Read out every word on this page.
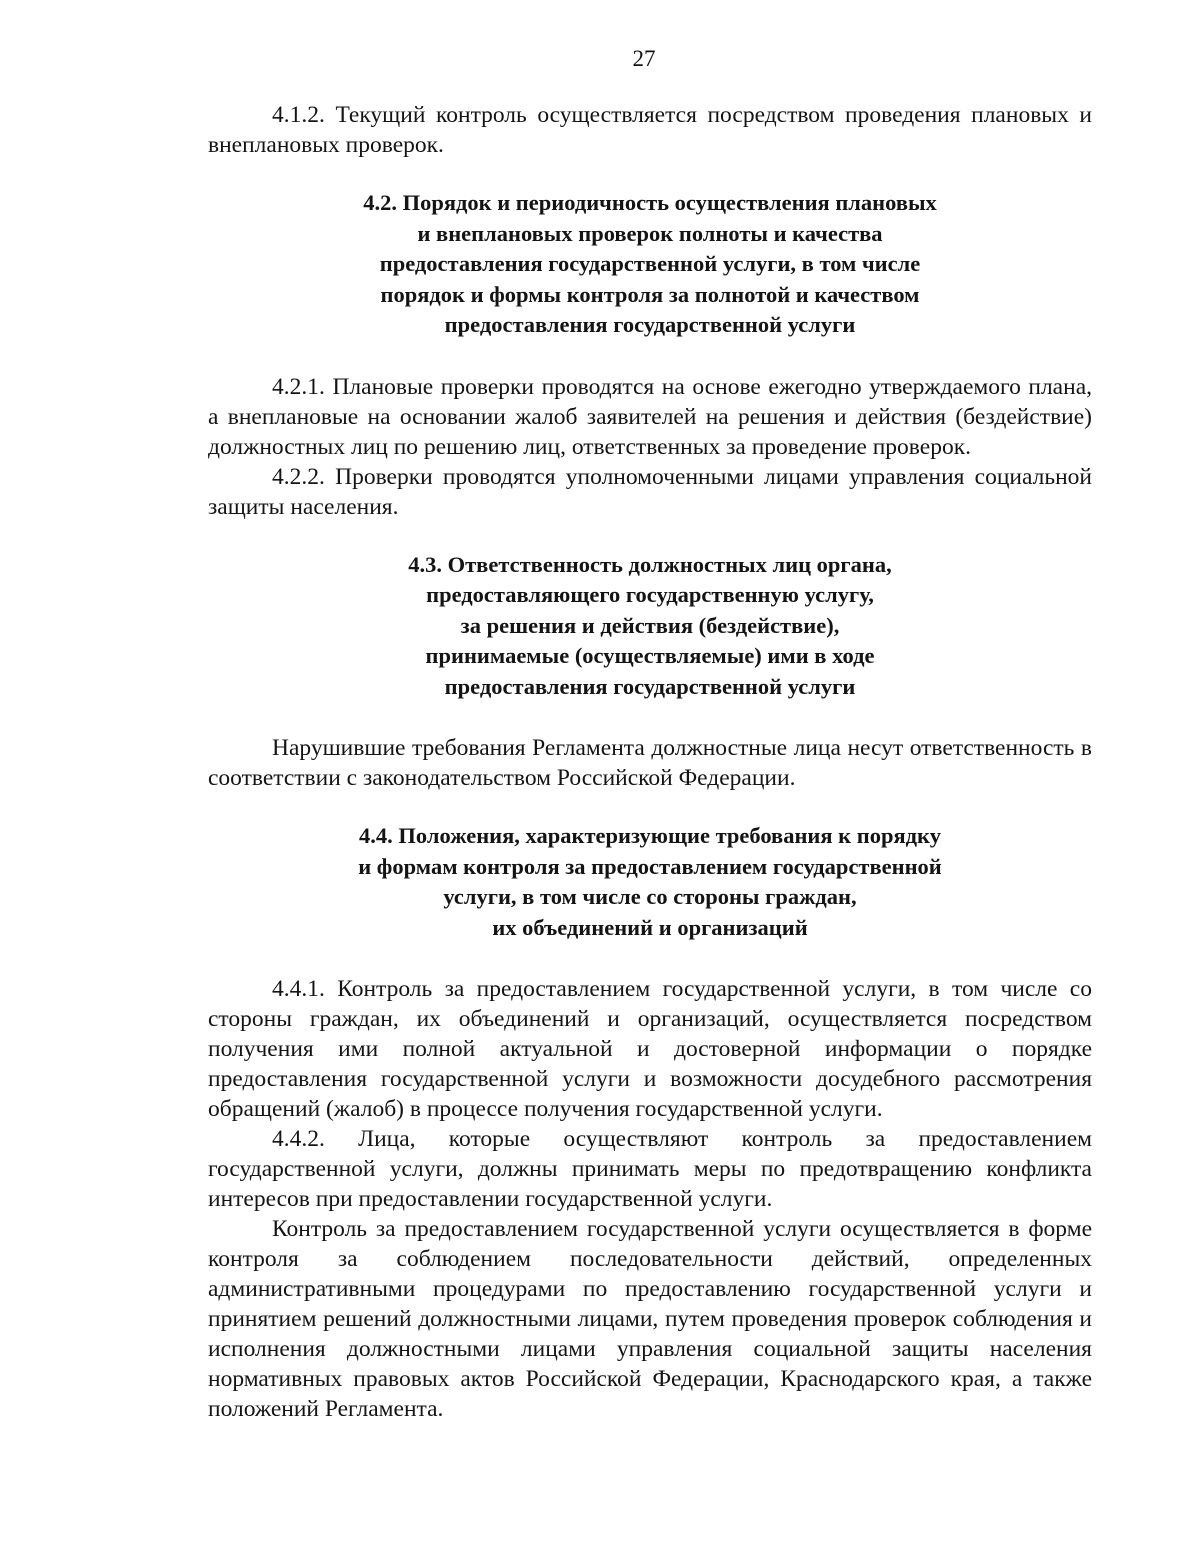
27

4.1.2. Текущий контроль осуществляется посредством проведения плановых и внеплановых проверок.

4.2. Порядок и периодичность осуществления плановых
и внеплановых проверок полноты и качества
предоставления государственной услуги, в том числе
порядок и формы контроля за полнотой и качеством
предоставления государственной услуги

4.2.1. Плановые проверки проводятся на основе ежегодно утверждаемого плана, а внеплановые на основании жалоб заявителей на решения и действия (бездействие) должностных лиц по решению лиц, ответственных за проведение проверок.

4.2.2. Проверки проводятся уполномоченными лицами управления социальной защиты населения.

4.3. Ответственность должностных лиц органа,
предоставляющего государственную услугу,
за решения и действия (бездействие),
принимаемые (осуществляемые) ими в ходе
предоставления государственной услуги

Нарушившие требования Регламента должностные лица несут ответственность в соответствии с законодательством Российской Федерации.

4.4. Положения, характеризующие требования к порядку
и формам контроля за предоставлением государственной
услуги, в том числе со стороны граждан,
их объединений и организаций

4.4.1. Контроль за предоставлением государственной услуги, в том числе со стороны граждан, их объединений и организаций, осуществляется посредством получения ими полной актуальной и достоверной информации о порядке предоставления государственной услуги и возможности досудебного рассмотрения обращений (жалоб) в процессе получения государственной услуги.

4.4.2. Лица, которые осуществляют контроль за предоставлением государственной услуги, должны принимать меры по предотвращению конфликта интересов при предоставлении государственной услуги.

Контроль за предоставлением государственной услуги осуществляется в форме контроля за соблюдением последовательности действий, определенных административными процедурами по предоставлению государственной услуги и принятием решений должностными лицами, путем проведения проверок соблюдения и исполнения должностными лицами управления социальной защиты населения нормативных правовых актов Российской Федерации, Краснодарского края, а также положений Регламента.
